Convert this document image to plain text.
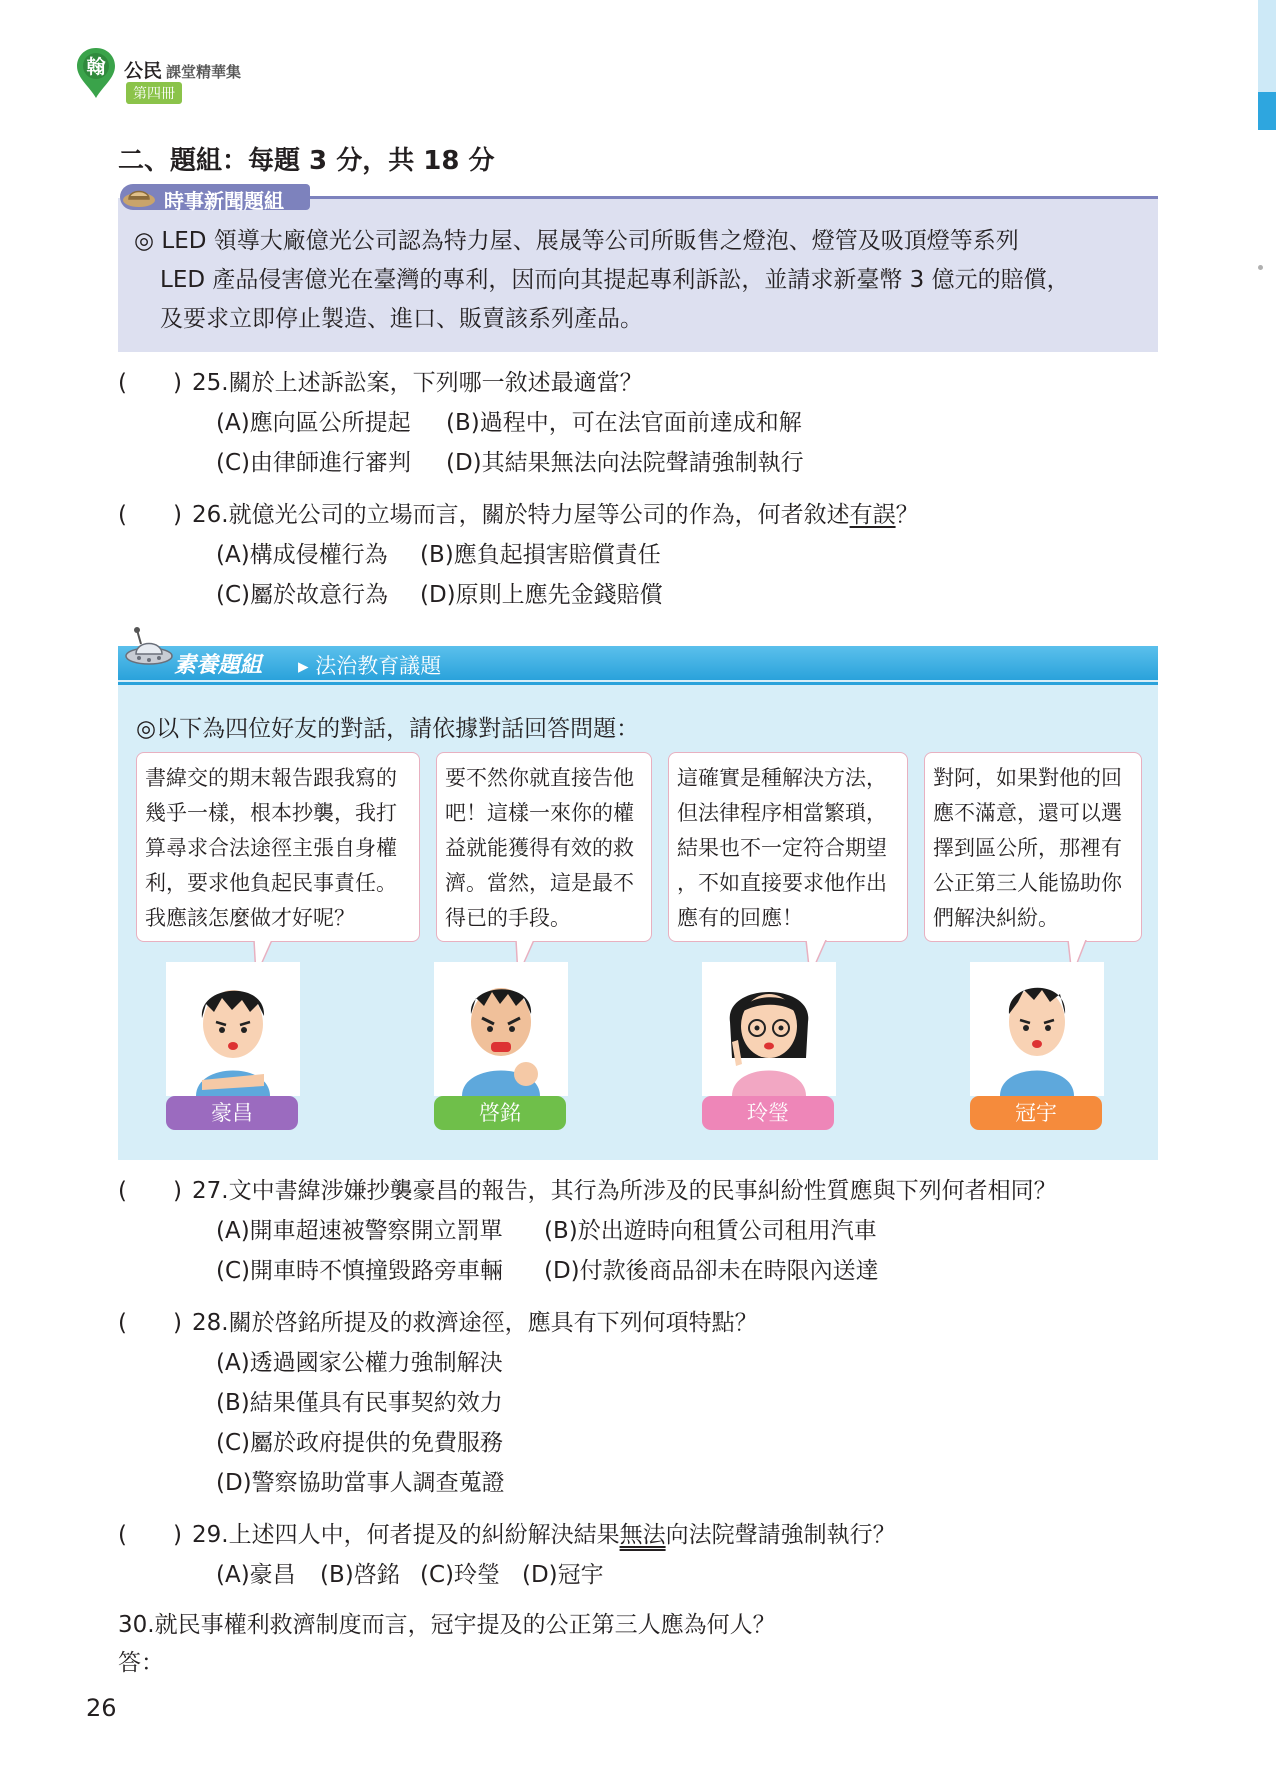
翰 公民 課堂精華集
第四冊
二、題組：每題 3 分，共 18 分
時事新聞題組

◎ LED 領導大廠億光公司認為特力屋、展晟等公司所販售之燈泡、燈管及吸頂燈等系列

LED 產品侵害億光在臺灣的專利，因而向其提起專利訴訟，並請求新臺幣 3 億元的賠償，

及要求立即停止製造、進口、販賣該系列產品。

(　　) 25.關於上述訴訟案，下列哪一敘述最適當？
(A)應向區公所提起 (B)過程中，可在法官面前達成和解
(C)由律師進行審判 (D)其結果無法向法院聲請強制執行
(　　) 26.就億光公司的立場而言，關於特力屋等公司的作為，何者敘述有誤？
(A)構成侵權行為 (B)應負起損害賠償責任
(C)屬於故意行為 (D)原則上應先金錢賠償
素養題組 ▸ 法治教育議題
◎以下為四位好友的對話，請依據對話回答問題：
書緯交的期末報告跟我寫的
幾乎一樣，根本抄襲，我打
算尋求合法途徑主張自身權
利，要求他負起民事責任。
我應該怎麼做才好呢？
要不然你就直接告他
吧！這樣一來你的權
益就能獲得有效的救
濟。當然，這是最不
得已的手段。
這確實是種解決方法，
但法律程序相當繁瑣，
結果也不一定符合期望
，不如直接要求他作出
應有的回應！
對阿，如果對他的回
應不滿意，還可以選
擇到區公所，那裡有
公正第三人能協助你
們解決糾紛。
豪昌	啓銘	玲瑩	冠宇
(　　) 27.文中書緯涉嫌抄襲豪昌的報告，其行為所涉及的民事糾紛性質應與下列何者相同？
(A)開車超速被警察開立罰單 (B)於出遊時向租賃公司租用汽車
(C)開車時不慎撞毀路旁車輛 (D)付款後商品卻未在時限內送達
(　　) 28.關於啓銘所提及的救濟途徑，應具有下列何項特點？
(A)透過國家公權力強制解決
(B)結果僅具有民事契約效力
(C)屬於政府提供的免費服務
(D)警察協助當事人調查蒐證
(　　) 29.上述四人中，何者提及的糾紛解決結果無法向法院聲請強制執行？
(A)豪昌 (B)啓銘 (C)玲瑩 (D)冠宇
30.就民事權利救濟制度而言，冠宇提及的公正第三人應為何人？
答：
26
